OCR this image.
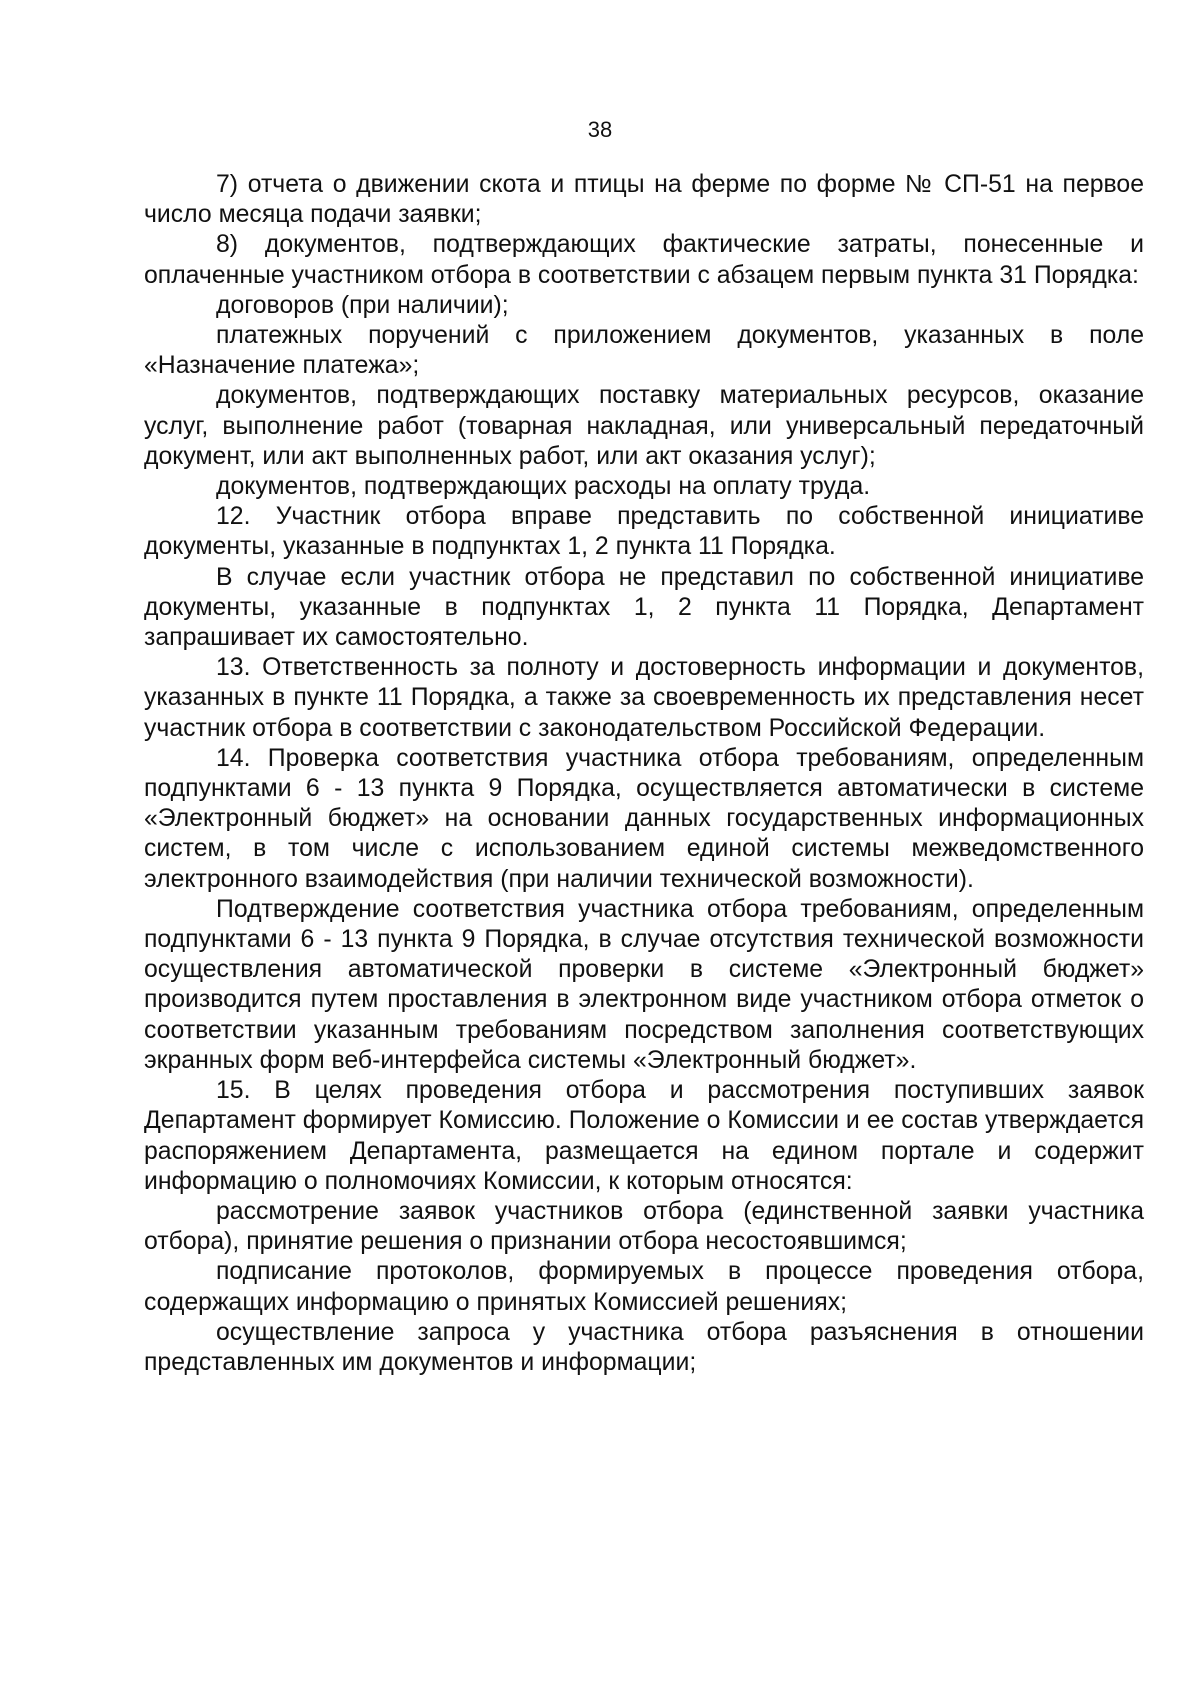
38

7) отчета о движении скота и птицы на ферме по форме № СП-51 на первое число месяца подачи заявки;

8) документов, подтверждающих фактические затраты, понесенные и оплаченные участником отбора в соответствии с абзацем первым пункта 31 Порядка:

договоров (при наличии);

платежных поручений с приложением документов, указанных в поле «Назначение платежа»;

документов, подтверждающих поставку материальных ресурсов, оказание услуг, выполнение работ (товарная накладная, или универсальный передаточный документ, или акт выполненных работ, или акт оказания услуг);

документов, подтверждающих расходы на оплату труда.

12. Участник отбора вправе представить по собственной инициативе документы, указанные в подпунктах 1, 2 пункта 11 Порядка.

В случае если участник отбора не представил по собственной инициативе документы, указанные в подпунктах 1, 2 пункта 11 Порядка, Департамент запрашивает их самостоятельно.

13. Ответственность за полноту и достоверность информации и документов, указанных в пункте 11 Порядка, а также за своевременность их представления несет участник отбора в соответствии с законодательством Российской Федерации.

14. Проверка соответствия участника отбора требованиям, определенным подпунктами 6 - 13 пункта 9 Порядка, осуществляется автоматически в системе «Электронный бюджет» на основании данных государственных информационных систем, в том числе с использованием единой системы межведомственного электронного взаимодействия (при наличии технической возможности).

Подтверждение соответствия участника отбора требованиям, определенным подпунктами 6 - 13 пункта 9 Порядка, в случае отсутствия технической возможности осуществления автоматической проверки в системе «Электронный бюджет» производится путем проставления в электронном виде участником отбора отметок о соответствии указанным требованиям посредством заполнения соответствующих экранных форм веб-интерфейса системы «Электронный бюджет».

15. В целях проведения отбора и рассмотрения поступивших заявок Департамент формирует Комиссию. Положение о Комиссии и ее состав утверждается распоряжением Департамента, размещается на едином портале и содержит информацию о полномочиях Комиссии, к которым относятся:

рассмотрение заявок участников отбора (единственной заявки участника отбора), принятие решения о признании отбора несостоявшимся;

подписание протоколов, формируемых в процессе проведения отбора, содержащих информацию о принятых Комиссией решениях;

осуществление запроса у участника отбора разъяснения в отношении представленных им документов и информации;
